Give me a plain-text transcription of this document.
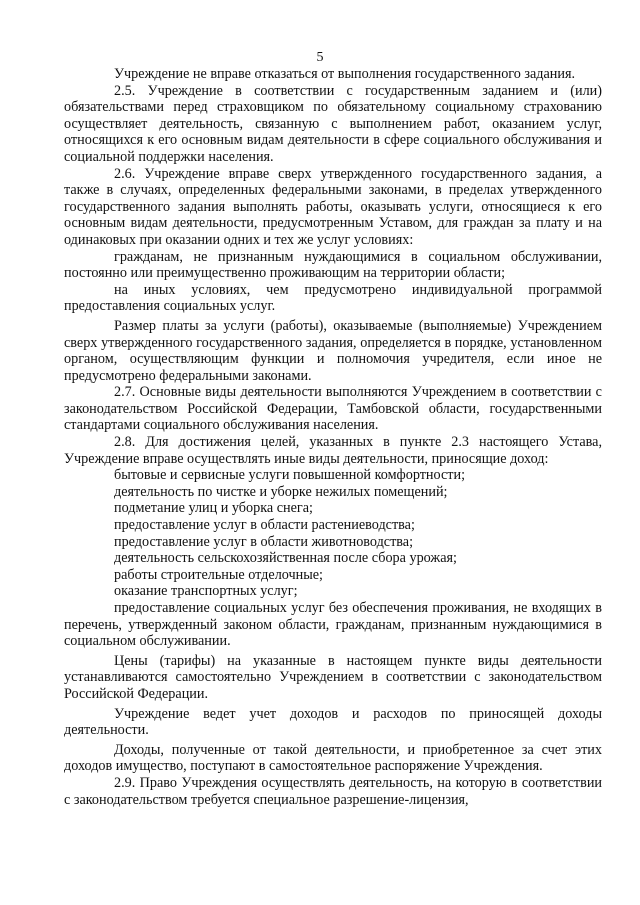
5

Учреждение не вправе отказаться от выполнения государственного задания.

2.5. Учреждение в соответствии с государственным заданием и (или) обязательствами перед страховщиком по обязательному социальному страхованию осуществляет деятельность, связанную с выполнением работ, оказанием услуг, относящихся к его основным видам деятельности в сфере социального обслуживания и социальной поддержки населения.

2.6. Учреждение вправе сверх утвержденного государственного задания, а также в случаях, определенных федеральными законами, в пределах утвержденного государственного задания выполнять работы, оказывать услуги, относящиеся к его основным видам деятельности, предусмотренным Уставом, для граждан за плату и на одинаковых при оказании одних и тех же услуг условиях:

гражданам, не признанным нуждающимися в социальном обслуживании, постоянно или преимущественно проживающим на территории области;

на иных условиях, чем предусмотрено индивидуальной программой предоставления социальных услуг.

Размер платы за услуги (работы), оказываемые (выполняемые) Учреждением сверх утвержденного государственного задания, определяется в порядке, установленном органом, осуществляющим функции и полномочия учредителя, если иное не предусмотрено федеральными законами.

2.7. Основные виды деятельности выполняются Учреждением в соответствии с законодательством Российской Федерации, Тамбовской области, государственными стандартами социального обслуживания населения.

2.8. Для достижения целей, указанных в пункте 2.3 настоящего Устава, Учреждение вправе осуществлять иные виды деятельности, приносящие доход:

бытовые и сервисные услуги повышенной комфортности;

деятельность по чистке и уборке нежилых помещений;

подметание улиц и уборка снега;

предоставление услуг в области растениеводства;

предоставление услуг в области животноводства;

деятельность сельскохозяйственная после сбора урожая;

работы строительные отделочные;

оказание транспортных услуг;

предоставление социальных услуг без обеспечения проживания, не входящих в перечень, утвержденный законом области, гражданам, признанным нуждающимися в социальном обслуживании.

Цены (тарифы) на указанные в настоящем пункте виды деятельности устанавливаются самостоятельно Учреждением в соответствии с законодательством Российской Федерации.

Учреждение ведет учет доходов и расходов по приносящей доходы деятельности.

Доходы, полученные от такой деятельности, и приобретенное за счет этих доходов имущество, поступают в самостоятельное распоряжение Учреждения.

2.9. Право Учреждения осуществлять деятельность, на которую в соответствии с законодательством требуется специальное разрешение-лицензия,
